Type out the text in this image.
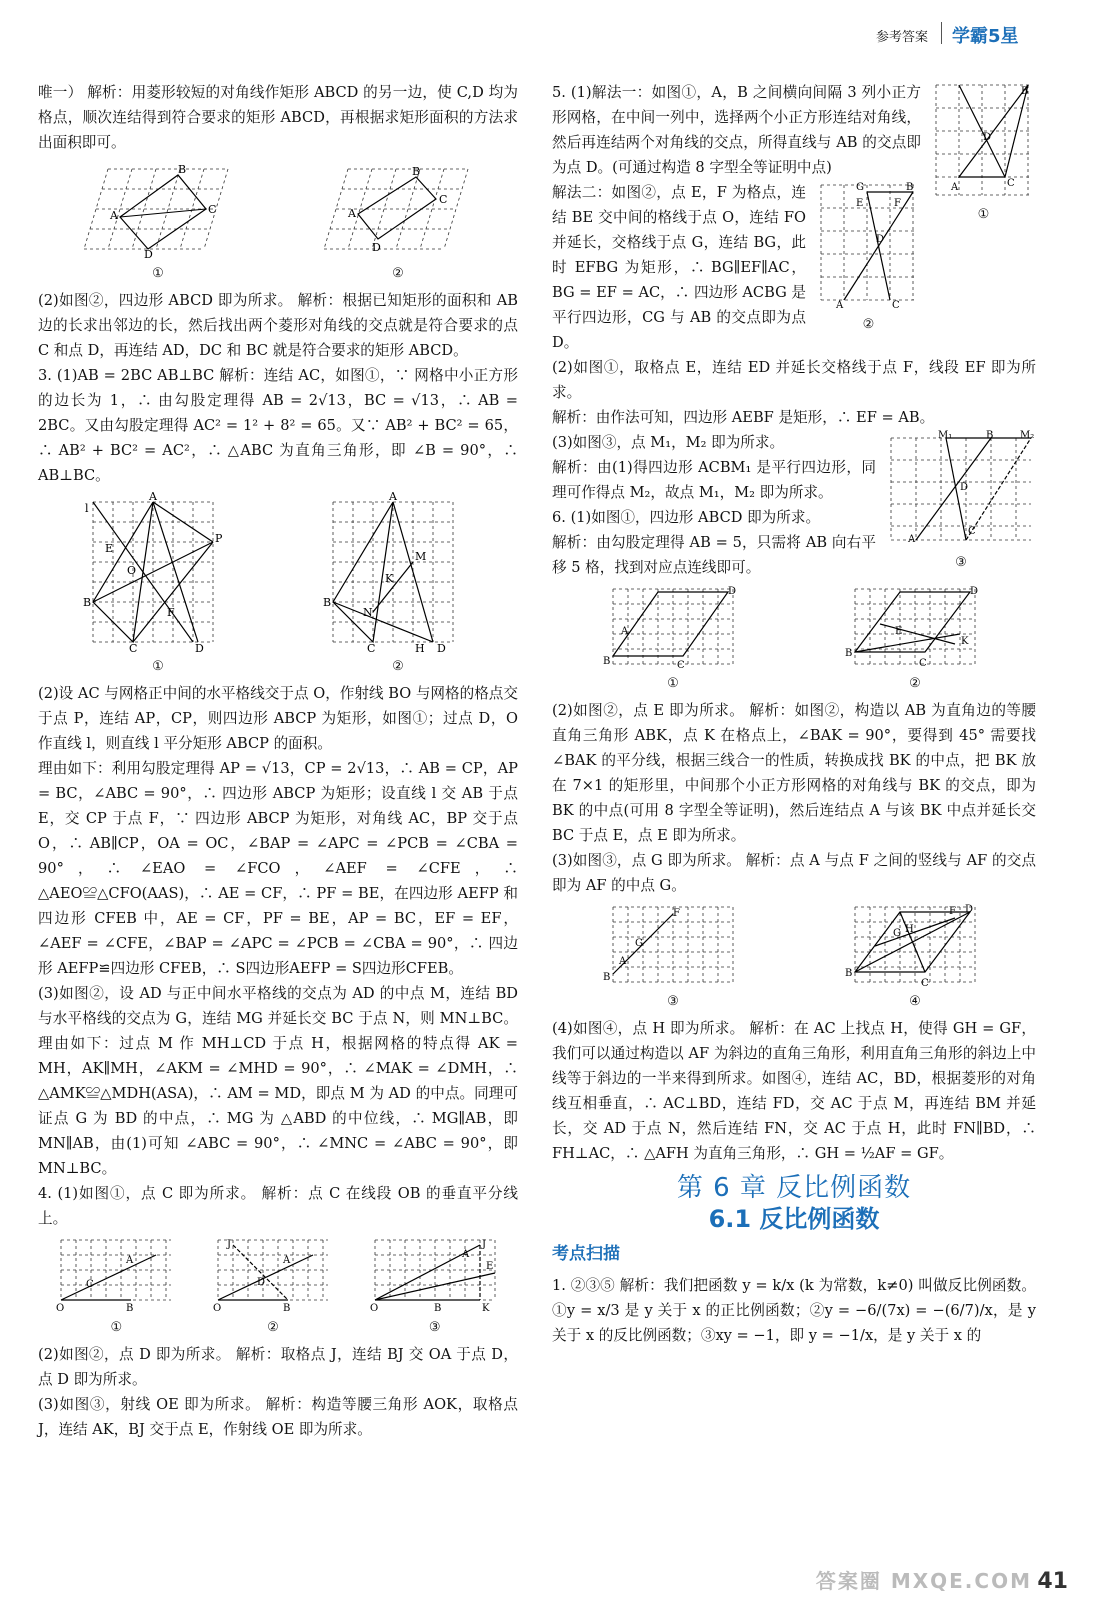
参考答案 学霸5星

唯一） 解析：用菱形较短的对角线作矩形 ABCD 的另一边，使 C,D 均为格点，顺次连结得到符合要求的矩形 ABCD，再根据求矩形面积的方法求出面积即可。

B
A	C
D
①
B
A
C
D
②

(2)如图②，四边形 ABCD 即为所求。 解析：根据已知矩形的面积和 AB 边的长求出邻边的长，然后找出两个菱形对角线的交点就是符合要求的点 C 和点 D，再连结 AD，DC 和 BC 就是符合要求的矩形 ABCD。

3. (1)AB = 2BC AB⊥BC 解析：连结 AC，如图①，∵ 网格中小正方形的边长为 1，∴ 由勾股定理得 AB = 2√13，BC = √13，∴ AB = 2BC。又由勾股定理得 AC² = 1² + 8² = 65。又∵ AB² + BC² = 65，∴ AB² + BC² = AC²，∴ △ABC 为直角三角形，即 ∠B = 90°，∴ AB⊥BC。

A
B
C	D
P
l
E
O
F
①
A
B
C	D
M
K
N
H
②

(2)设 AC 与网格正中间的水平格线交于点 O，作射线 BO 与网格的格点交于点 P，连结 AP，CP，则四边形 ABCP 为矩形，如图①；过点 D，O 作直线 l，则直线 l 平分矩形 ABCP 的面积。

理由如下：利用勾股定理得 AP = √13，CP = 2√13，∴ AB = CP，AP = BC，∠ABC = 90°，∴ 四边形 ABCP 为矩形；设直线 l 交 AB 于点 E，交 CP 于点 F，∵ 四边形 ABCP 为矩形，对角线 AC，BP 交于点 O，∴ AB∥CP，OA = OC，∠BAP = ∠APC = ∠PCB = ∠CBA = 90°，∴ ∠EAO = ∠FCO，∠AEF = ∠CFE，∴ △AEO≌△CFO(AAS)，∴ AE = CF，∴ PF = BE，在四边形 AEFP 和四边形 CFEB 中，AE = CF，PF = BE，AP = BC，EF = EF，∠AEF = ∠CFE，∠BAP = ∠APC = ∠PCB = ∠CBA = 90°，∴ 四边形 AEFP≌四边形 CFEB，∴ S四边形AEFP = S四边形CFEB。

(3)如图②，设 AD 与正中间水平格线的交点为 AD 的中点 M，连结 BD 与水平格线的交点为 G，连结 MG 并延长交 BC 于点 N，则 MN⊥BC。理由如下：过点 M 作 MH⊥CD 于点 H，根据网格的特点得 AK = MH，AK∥MH，∠AKM = ∠MHD = 90°，∴ ∠MAK = ∠DMH，∴ △AMK≌△MDH(ASA)，∴ AM = MD，即点 M 为 AD 的中点。同理可证点 G 为 BD 的中点，∴ MG 为 △ABD 的中位线，∴ MG∥AB，即 MN∥AB，由(1)可知 ∠ABC = 90°，∴ ∠MNC = ∠ABC = 90°，即 MN⊥BC。

4. (1)如图①，点 C 即为所求。 解析：点 C 在线段 OB 的垂直平分线上。

O	B
A
C
①
O	B
A
J
D
②
O	B
J
K
E
A
③

(2)如图②，点 D 即为所求。 解析：取格点 J，连结 BJ 交 OA 于点 D，点 D 即为所求。

(3)如图③，射线 OE 即为所求。 解析：构造等腰三角形 AOK，取格点 J，连结 AK，BJ 交于点 E，作射线 OE 即为所求。

A
B
C
D
①

5. (1)解法一：如图①，A，B 之间横向间隔 3 列小正方形网格，在中间一列中，选择两个小正方形连结对角线，然后再连结两个对角线的交点，所得直线与 AB 的交点即为点 D。(可通过构造 8 字型全等证明中点)

A
B
C
G
E	F
D
②

解法二：如图②，点 E，F 为格点，连结 BE 交中间的格线于点 O，连结 FO 并延长，交格线于点 G，连结 BG，此时 EFBG 为矩形，∴ BG∥EF∥AC，BG = EF = AC，∴ 四边形 ACBG 是平行四边形，CG 与 AB 的交点即为点 D。

(2)如图①，取格点 E，连结 ED 并延长交格线于点 F，线段 EF 即为所求。

解析：由作法可知，四边形 AEBF 是矩形，∴ EF = AB。

A
B
C
D
M₁	M₂
③

(3)如图③，点 M₁，M₂ 即为所求。

解析：由(1)得四边形 ACBM₁ 是平行四边形，同理可作得点 M₂，故点 M₁，M₂ 即为所求。

6. (1)如图①，四边形 ABCD 即为所求。

解析：由勾股定理得 AB = 5，只需将 AB 向右平移 5 格，找到对应点连线即可。

B
D
C
A
①
B
D
C
K
E
②

(2)如图②，点 E 即为所求。 解析：如图②，构造以 AB 为直角边的等腰直角三角形 ABK，点 K 在格点上，∠BAK = 90°，要得到 45° 需要找 ∠BAK 的平分线，根据三线合一的性质，转换成找 BK 的中点，把 BK 放在 7×1 的矩形里，中间那个小正方形网格的对角线与 BK 的交点，即为 BK 的中点(可用 8 字型全等证明)，然后连结点 A 与该 BK 中点并延长交 BC 于点 E，点 E 即为所求。

(3)如图③，点 G 即为所求。 解析：点 A 与点 F 之间的竖线与 AF 的交点即为 AF 的中点 G。

B
F
G
A
③
B
D
C
G
F
H
④

(4)如图④，点 H 即为所求。 解析：在 AC 上找点 H，使得 GH = GF，我们可以通过构造以 AF 为斜边的直角三角形，利用直角三角形的斜边上中线等于斜边的一半来得到所求。如图④，连结 AC，BD，根据菱形的对角线互相垂直，∴ AC⊥BD，连结 FD，交 AC 于点 M，再连结 BM 并延长，交 AD 于点 N，然后连结 FN，交 AC 于点 H，此时 FN∥BD，∴ FH⊥AC，∴ △AFH 为直角三角形，∴ GH = ½AF = GF。

第 6 章 反比例函数
6.1 反比例函数
考点扫描

1. ②③⑤ 解析：我们把函数 y = k/x (k 为常数，k≠0) 叫做反比例函数。①y = x/3 是 y 关于 x 的正比例函数；②y = −6/(7x) = −(6/7)/x，是 y 关于 x 的反比例函数；③xy = −1，即 y = −1/x，是 y 关于 x 的

答案圈 MXQE.COM 41
